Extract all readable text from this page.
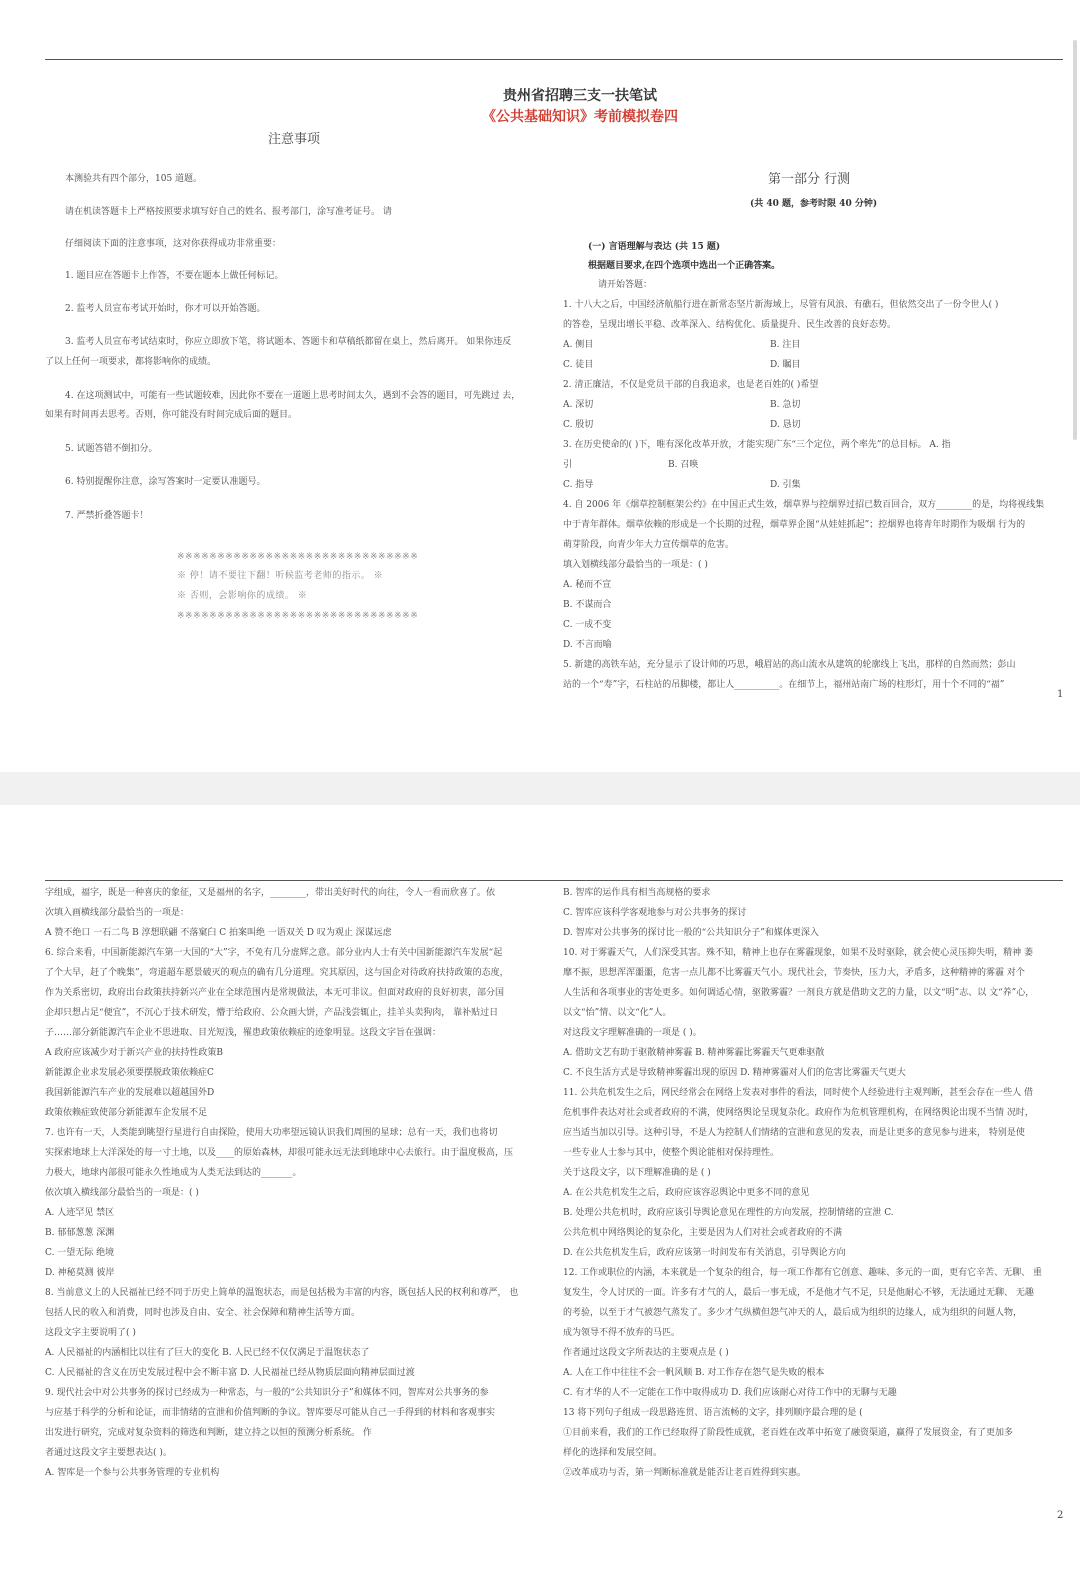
贵州省招聘三支一扶笔试
《公共基础知识》考前模拟卷四
注意事项
第一部分 行测
(共 40 题，参考时限 40 分钟)
本测验共有四个部分，105 道题。
请在机读答题卡上严格按照要求填写好自己的姓名、报考部门，涂写准考证号。 请
仔细阅读下面的注意事项，这对你获得成功非常重要：
1. 题目应在答题卡上作答，不要在题本上做任何标记。
2. 监考人员宣布考试开始时，你才可以开始答题。
3. 监考人员宣布考试结束时，你应立即放下笔，将试题本、答题卡和草稿纸都留在桌上，然后离开。 如果你违反
了以上任何一项要求，都将影响你的成绩。
4. 在这项测试中，可能有一些试题较难，因此你不要在一道题上思考时间太久，遇到不会答的题目，可先跳过 去，
如果有时间再去思考。否则，你可能没有时间完成后面的题目。
5. 试题答错不倒扣分。
6. 特别提醒你注意，涂写答案时一定要认准题号。
7. 严禁折叠答题卡！
※※※※※※※※※※※※※※※※※※※※※※※※※※※※※※
※ 停！请不要往下翻！听候监考老师的指示。 ※
※ 否则，会影响你的成绩。 ※
※※※※※※※※※※※※※※※※※※※※※※※※※※※※※※
(一) 言语理解与表达 (共 15 题)
根据题目要求,在四个选项中选出一个正确答案。
请开始答题：
1. 十八大之后，中国经济航船行进在新常态坚片新海域上，尽管有风浪、有礁石，但依然交出了一份令世人( )
的答卷，呈现出增长平稳、改革深入、结构优化、质量提升、民生改善的良好态势。
A. 侧目	B. 注目
C. 徒目	D. 瞩目
2. 清正廉洁，不仅是党员干部的自我追求，也是老百姓的( )希望
A. 深切	B. 急切
C. 殷切	D. 恳切
3. 在历史使命的( )下，唯有深化改革开放，才能实现广东“三个定位，两个率先”的总目标。 A. 指
引	B. 召唤
C. 指导	D. 引集
4. 自 2006 年《烟草控制框架公约》在中国正式生效，烟草界与控烟界过招已数百回合，双方________的是，均将视线集
中于青年群体。烟草依赖的形成是一个长期的过程，烟草界企图“从娃娃抓起”；控烟界也将青年时期作为吸烟 行为的
萌芽阶段，向青少年大力宣传烟草的危害。
填入划横线部分最恰当的一项是：( )
A. 秘而不宣
B. 不谋而合
C. 一成不变
D. 不言而喻
5. 新建的高铁车站，充分显示了设计师的巧思，峨眉站的高山流水从建筑的轮廓线上飞出，那样的自然而然；彭山
站的一个“寿”字，石柱站的吊脚楼，都让人__________。在细节上，福州站南广场的柱形灯，用十个不同的“福”
1
字组成，福字，既是一种喜庆的象征，又是福州的名字，________，带出美好时代的向往，令人一看而欣喜了。依
次填入画横线部分最恰当的一项是：
A 赞不绝口 一石二鸟 B 淳想联翩 不落窠臼 C 拍案叫绝 一语双关 D 叹为观止 深谋远虑
6. 综合来看，中国新能源汽车第一大国的“大”字，不免有几分虚辉之意。部分业内人士有关中国新能源汽车发展“起
了个大早，赶了个晚集”，弯道超车愿景破灭的观点的确有几分道理。究其原因，这与国企对待政府扶持政策的态度，
作为关系密切，政府出台政策扶持新兴产业在全球范围内是常规做法，本无可非议。但面对政府的良好初衷，部分国
企却只想占足“便宜”，不沉心于技术研发，懵于给政府、公众画大饼，产品浅尝辄止，挂羊头卖狗肉， 靠补贴过日
子……部分新能源汽车企业不思进取、目光短浅，罹患政策依赖症的迹象明显。这段文字旨在强调：
A 政府应该减少对于新兴产业的扶持性政策B
新能源企业求发展必须要摆脱政策依赖症C
我国新能源汽车产业的发展难以超越国外D
政策依赖症致使部分新能源车企发展不足
7. 也许有一天，人类能到眺望行星进行自由探险，使用大功率望远镜认识我们周围的星球；总有一天，我们也将切
实探索地球上大洋深处的每一寸土地，以及____的原始森林，却很可能永远无法到地球中心去旅行。由于温度极高，压
力极大，地球内部很可能永久性地成为人类无法到达的_______。
依次填入横线部分最恰当的一项是：( )
A. 人迹罕见 禁区
B. 郁郁葱葱 深渊
C. 一望无际 绝境
D. 神秘莫测 彼岸
8. 当前意义上的人民福祉已经不同于历史上简单的温饱状态，而是包括极为丰富的内容，既包括人民的权利和尊严， 也
包括人民的收入和消费，同时也涉及自由、安全、社会保障和精神生活等方面。
这段文字主要说明了( )
A. 人民福祉的内涵相比以往有了巨大的变化 B. 人民已经不仅仅满足于温饱状态了
C. 人民福祉的含义在历史发展过程中会不断丰富 D. 人民福祉已经从物质层面向精神层面过渡
9. 现代社会中对公共事务的探讨已经成为一种常态，与一般的“公共知识分子”和媒体不同，智库对公共事务的参
与应基于科学的分析和论证，而非情绪的宣泄和价值判断的争议。智库要尽可能从自己一手得到的材料和客观事实
出发进行研究，完成对复杂资料的筛选和判断，建立持之以恒的预测分析系统。 作
者通过这段文字主要想表达( )。
A. 智库是一个参与公共事务管理的专业机构
B. 智库的运作具有相当高规格的要求
C. 智库应该科学客观地参与对公共事务的探讨
D. 智库对公共事务的探讨比一般的“公共知识分子”和媒体更深入
10. 对于雾霾天气，人们深受其害。殊不知，精神上也存在雾霾现象，如果不及时驱除，就会使心灵压抑失明，精神 萎
靡不振，思想浑浑噩噩，危害一点儿都不比雾霾天气小。现代社会，节奏快，压力大，矛盾多，这种精神的雾霾 对个
人生活和各项事业的害处更多。如何调适心情，驱散雾霾？一剂良方就是借助文艺的力量，以文“明”志、以 文“养”心，
以文“怡”情、以文“化”人。
对这段文字理解准确的一项是 ( )。
A. 借助文艺有助于驱散精神雾霾 B. 精神雾霾比雾霾天气更难驱散
C. 不良生活方式是导致精神雾霾出现的原因 D. 精神雾霾对人们的危害比雾霾天气更大
11. 公共危机发生之后，网民经常会在网络上发表对事件的看法，同时使个人经验进行主观判断，甚至会存在一些人 借
危机事件表达对社会或者政府的不满，使网络舆论呈现复杂化。政府作为危机管理机构，在网络舆论出现不当情 况时，
应当适当加以引导。这种引导，不是人为控制人们情绪的宣泄和意见的发表，而是让更多的意见参与进来， 特别是使
一些专业人士参与其中，使整个舆论能相对保持理性。
关于这段文字，以下理解准确的是 ( )
A. 在公共危机发生之后，政府应该容忍舆论中更多不同的意见
B. 处理公共危机时，政府应该引导舆论意见在理性的方向发展，控制情绪的宣泄 C.
公共危机中网络舆论的复杂化，主要是因为人们对社会或者政府的不满
D. 在公共危机发生后，政府应该第一时间发布有关消息，引导舆论方向
12. 工作或职位的内涵，本来就是一个复杂的组合，每一项工作都有它创意、趣味、多元的一面，更有它辛苦、无聊、 重
复发生，令人讨厌的一面。许多有才气的人，最后一事无成，不是他才气不足，只是他耐心不够，无法通过无聊、 无趣
的考验，以至于才气被怨气蒸发了。多少才气纵横但怨气冲天的人，最后成为组织的边缘人，成为组织的问题人物，
成为领导不得不放弃的马匹。
作者通过这段文字所表达的主要观点是 ( )
A. 人在工作中往往不会一帆风顺 B. 对工作存在怨气是失败的根本
C. 有才华的人不一定能在工作中取得成功 D. 我们应该耐心对待工作中的无聊与无趣
13 将下列句子组成一段思路连贯、语言流畅的文字，排列顺序最合理的是 (
①目前来看，我们的工作已经取得了阶段性成就，老百姓在改革中拓宽了融资渠道，赢得了发展资金，有了更加多
样化的选择和发展空间。
②改革成功与否，第一判断标准就是能否让老百姓得到实惠。
2
